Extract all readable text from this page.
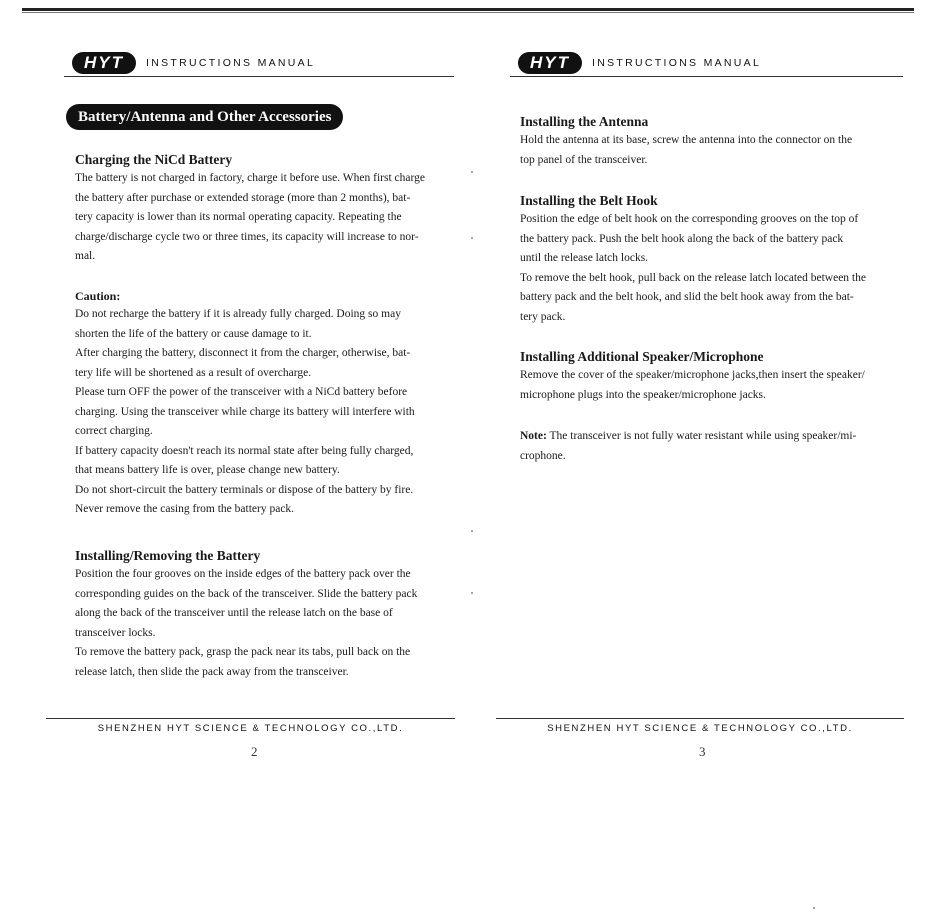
HYT	INSTRUCTIONS MANUAL
Battery/Antenna and Other Accessories
Charging the NiCd Battery

The battery is not charged in factory, charge it before use. When first charge

the battery after purchase or extended storage (more than 2 months), bat-

tery capacity is lower than its normal operating capacity. Repeating the

charge/discharge cycle two or three times, its capacity will increase to nor-

mal.

Caution:

Do not recharge the battery if it is already fully charged. Doing so may

shorten the life of the battery or cause damage to it.

After charging the battery, disconnect it from the charger, otherwise, bat-

tery life will be shortened as a result of overcharge.

Please turn OFF the power of the transceiver with a NiCd battery before

charging. Using the transceiver while charge its battery will interfere with

correct charging.

If battery capacity doesn't reach its normal state after being fully charged,

that means battery life is over, please change new battery.

Do not short-circuit the battery terminals or dispose of the battery by fire.

Never remove the casing from the battery pack.

Installing/Removing the Battery

Position the four grooves on the inside edges of the battery pack over the

corresponding guides on the back of the transceiver. Slide the battery pack

along the back of the transceiver until the release latch on the base of

transceiver locks.

To remove the battery pack, grasp the pack near its tabs, pull back on the

release latch, then slide the pack away from the transceiver.

SHENZHEN HYT SCIENCE & TECHNOLOGY CO.,LTD.
2
HYT	INSTRUCTIONS MANUAL
Installing the Antenna

Hold the antenna at its base, screw the antenna into the connector on the

top panel of the transceiver.

Installing the Belt Hook

Position the edge of belt hook on the corresponding grooves on the top of

the battery pack. Push the belt hook along the back of the battery pack

until the release latch locks.

To remove the belt hook, pull back on the release latch located between the

battery pack and the belt hook, and slid the belt hook away from the bat-

tery pack.

Installing Additional Speaker/Microphone

Remove the cover of the speaker/microphone jacks,then insert the speaker/

microphone plugs into the speaker/microphone jacks.

Note: The transceiver is not fully water resistant while using speaker/mi-

crophone.

SHENZHEN HYT SCIENCE & TECHNOLOGY CO.,LTD.
3
